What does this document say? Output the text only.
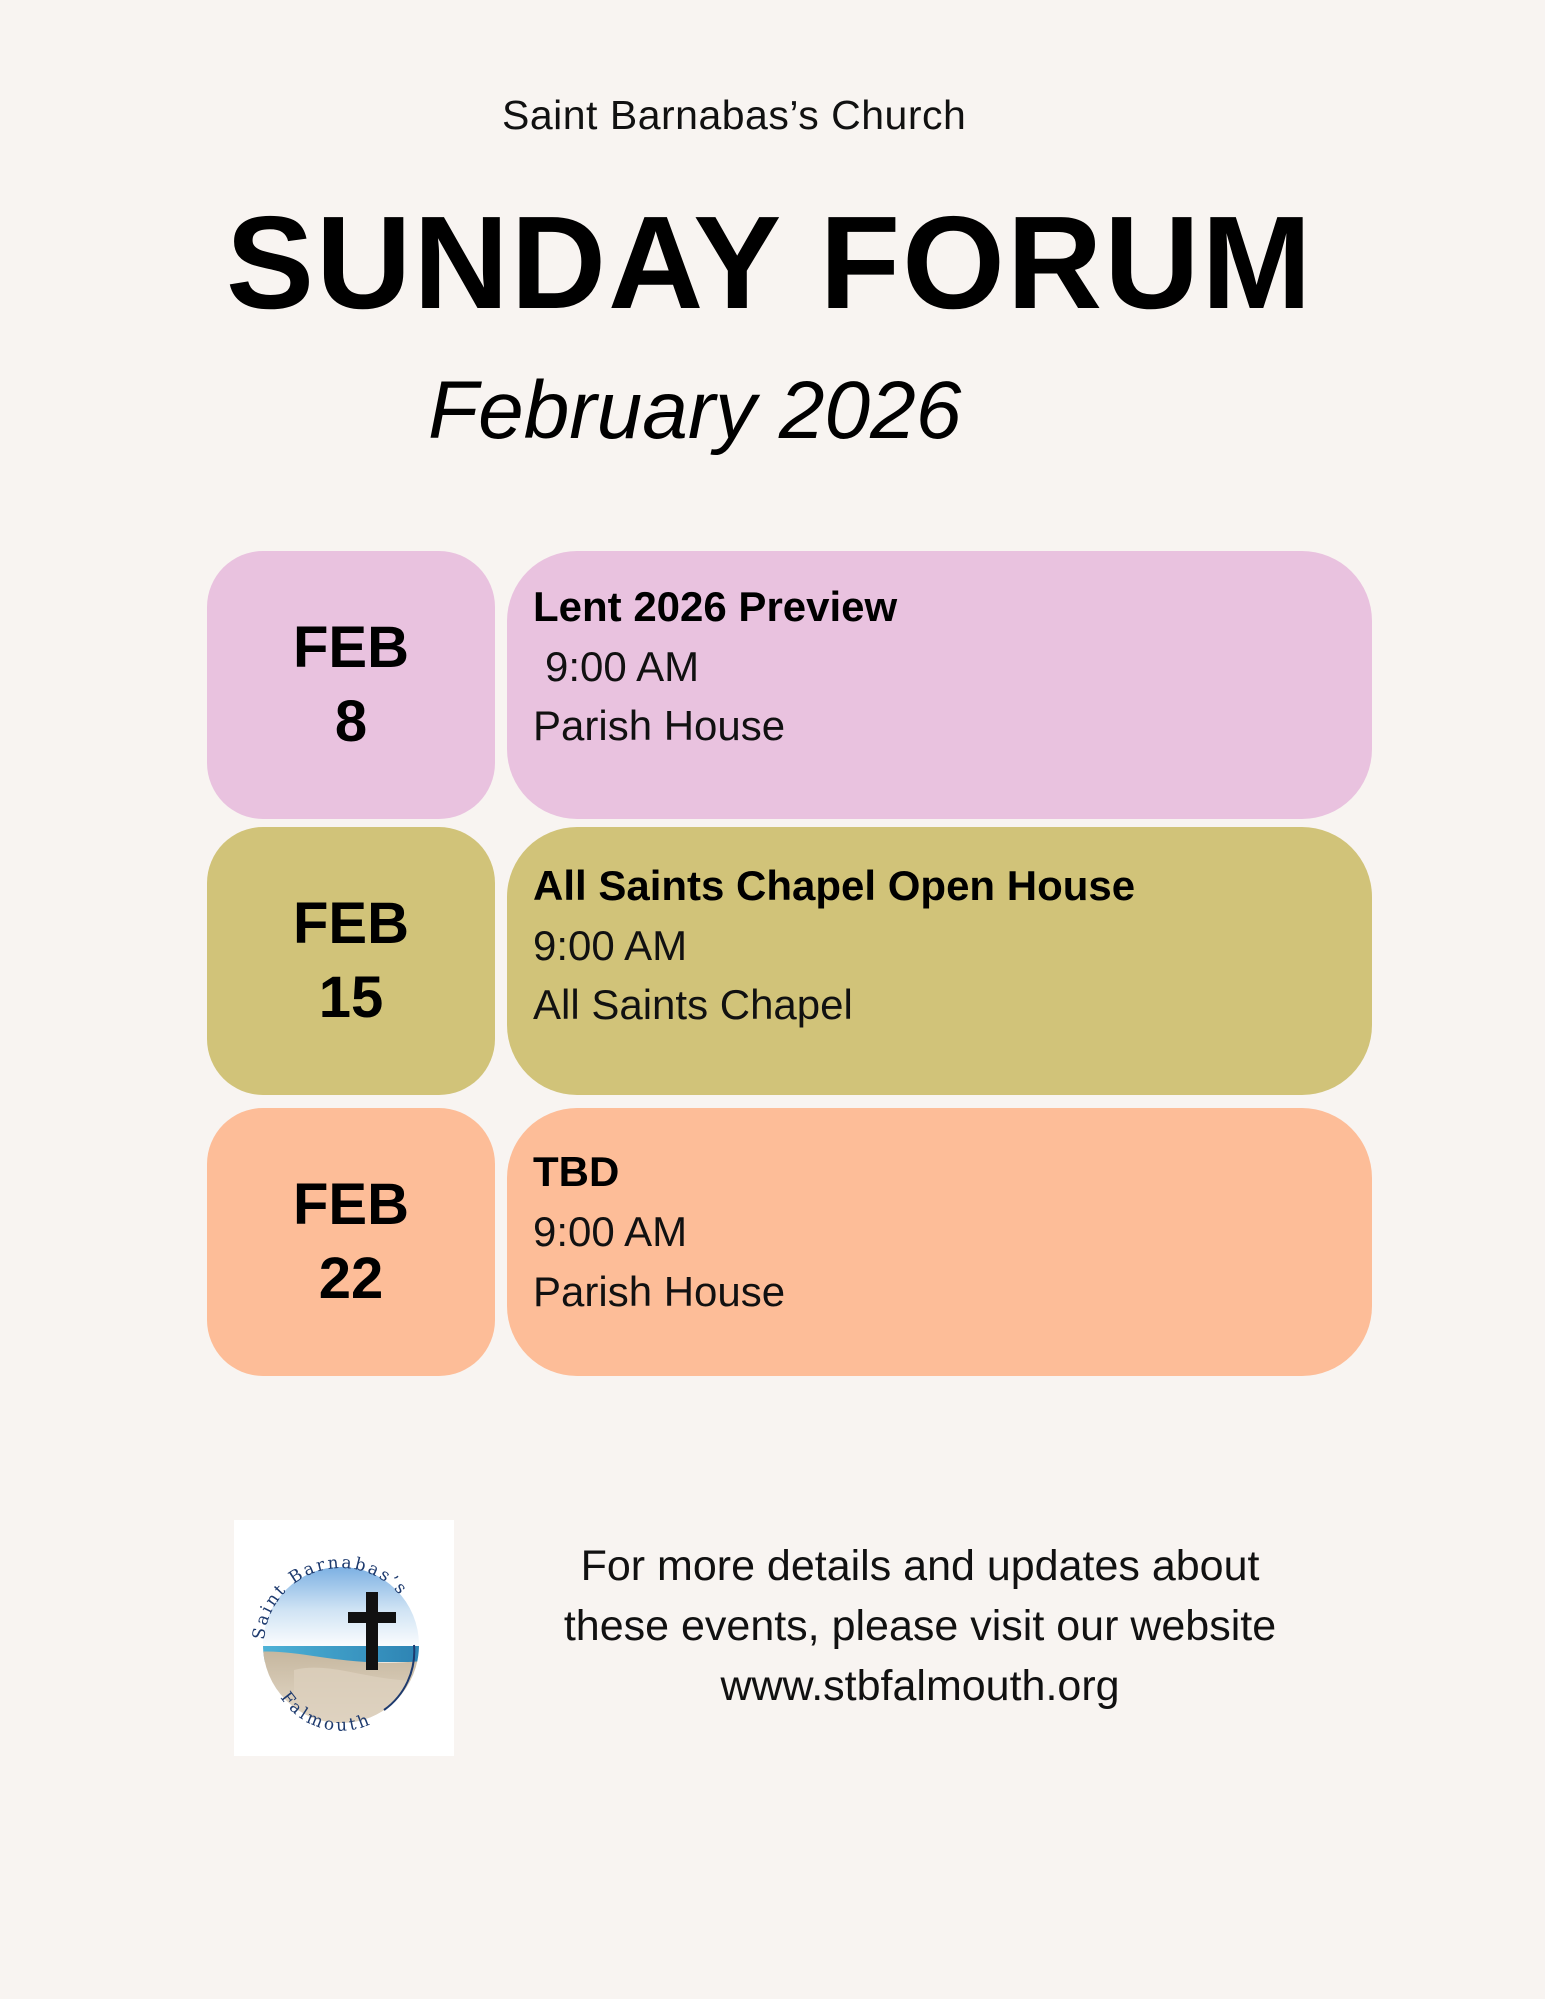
Saint Barnabas’s Church
SUNDAY FORUM
February 2026
FEB
8
Lent 2026 Preview
9:00 AM
Parish House
FEB
15
All Saints Chapel Open House
9:00 AM
All Saints Chapel
FEB
22
TBD
9:00 AM
Parish House
Saint Barnabas’s
Falmouth
For more details and updates about
these events, please visit our website
www.stbfalmouth.org
